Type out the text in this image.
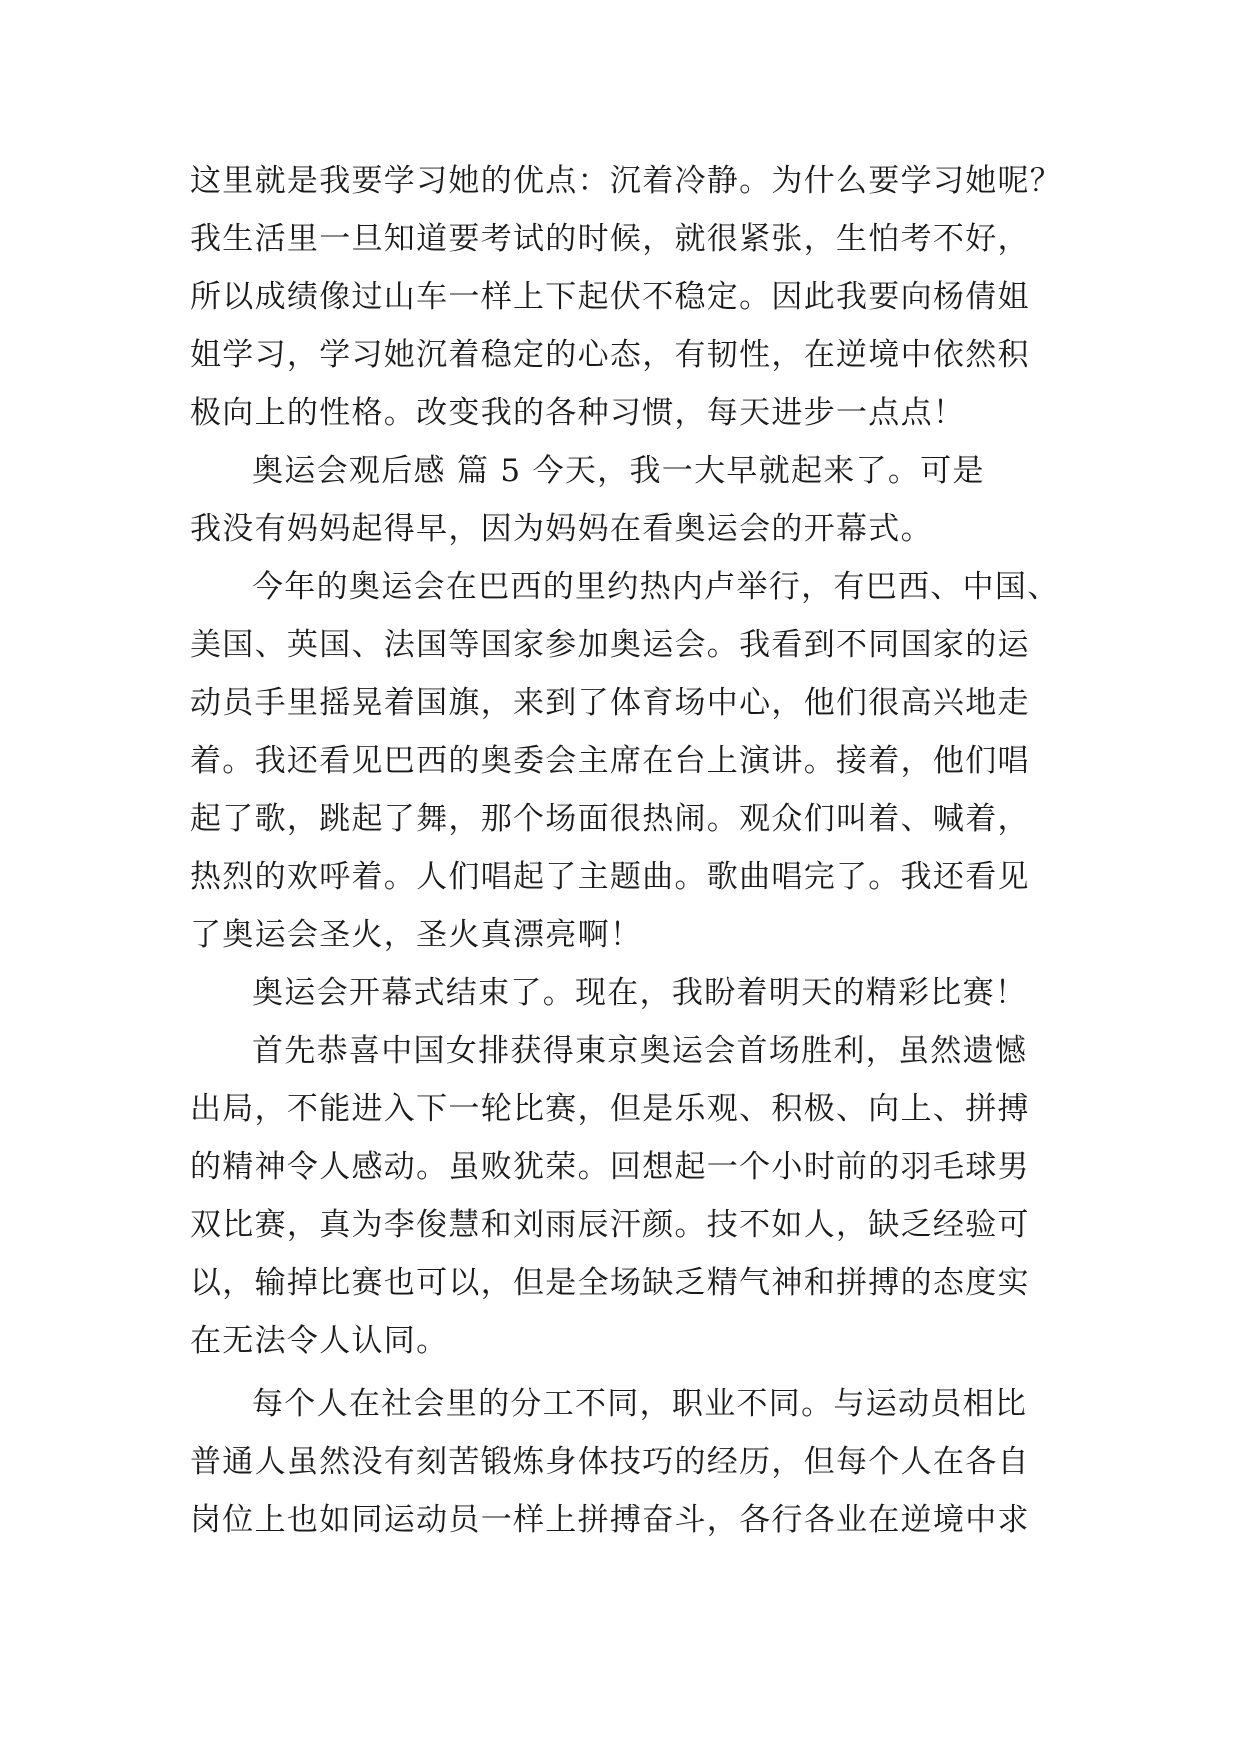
这里就是我要学习她的优点：沉着冷静。为什么要学习她呢？
我生活里一旦知道要考试的时候，就很紧张，生怕考不好，
所以成绩像过山车一样上下起伏不稳定。因此我要向杨倩姐
姐学习，学习她沉着稳定的心态，有韧性，在逆境中依然积
极向上的性格。改变我的各种习惯，每天进步一点点！
奥运会观后感 篇 5 今天，我一大早就起来了。可是
我没有妈妈起得早，因为妈妈在看奥运会的开幕式。
今年的奥运会在巴西的里约热内卢举行，有巴西、中国、
美国、英国、法国等国家参加奥运会。我看到不同国家的运
动员手里摇晃着国旗，来到了体育场中心，他们很高兴地走
着。我还看见巴西的奥委会主席在台上演讲。接着，他们唱
起了歌，跳起了舞，那个场面很热闹。观众们叫着、喊着，
热烈的欢呼着。人们唱起了主题曲。歌曲唱完了。我还看见
了奥运会圣火，圣火真漂亮啊！
奥运会开幕式结束了。现在，我盼着明天的精彩比赛！
首先恭喜中国女排获得東京奥运会首场胜利，虽然遗憾
出局，不能进入下一轮比赛，但是乐观、积极、向上、拼搏
的精神令人感动。虽败犹荣。回想起一个小时前的羽毛球男
双比赛，真为李俊慧和刘雨辰汗颜。技不如人，缺乏经验可
以，输掉比赛也可以，但是全场缺乏精气神和拼搏的态度实
在无法令人认同。
每个人在社会里的分工不同，职业不同。与运动员相比
普通人虽然没有刻苦锻炼身体技巧的经历，但每个人在各自
岗位上也如同运动员一样上拼搏奋斗，各行各业在逆境中求
